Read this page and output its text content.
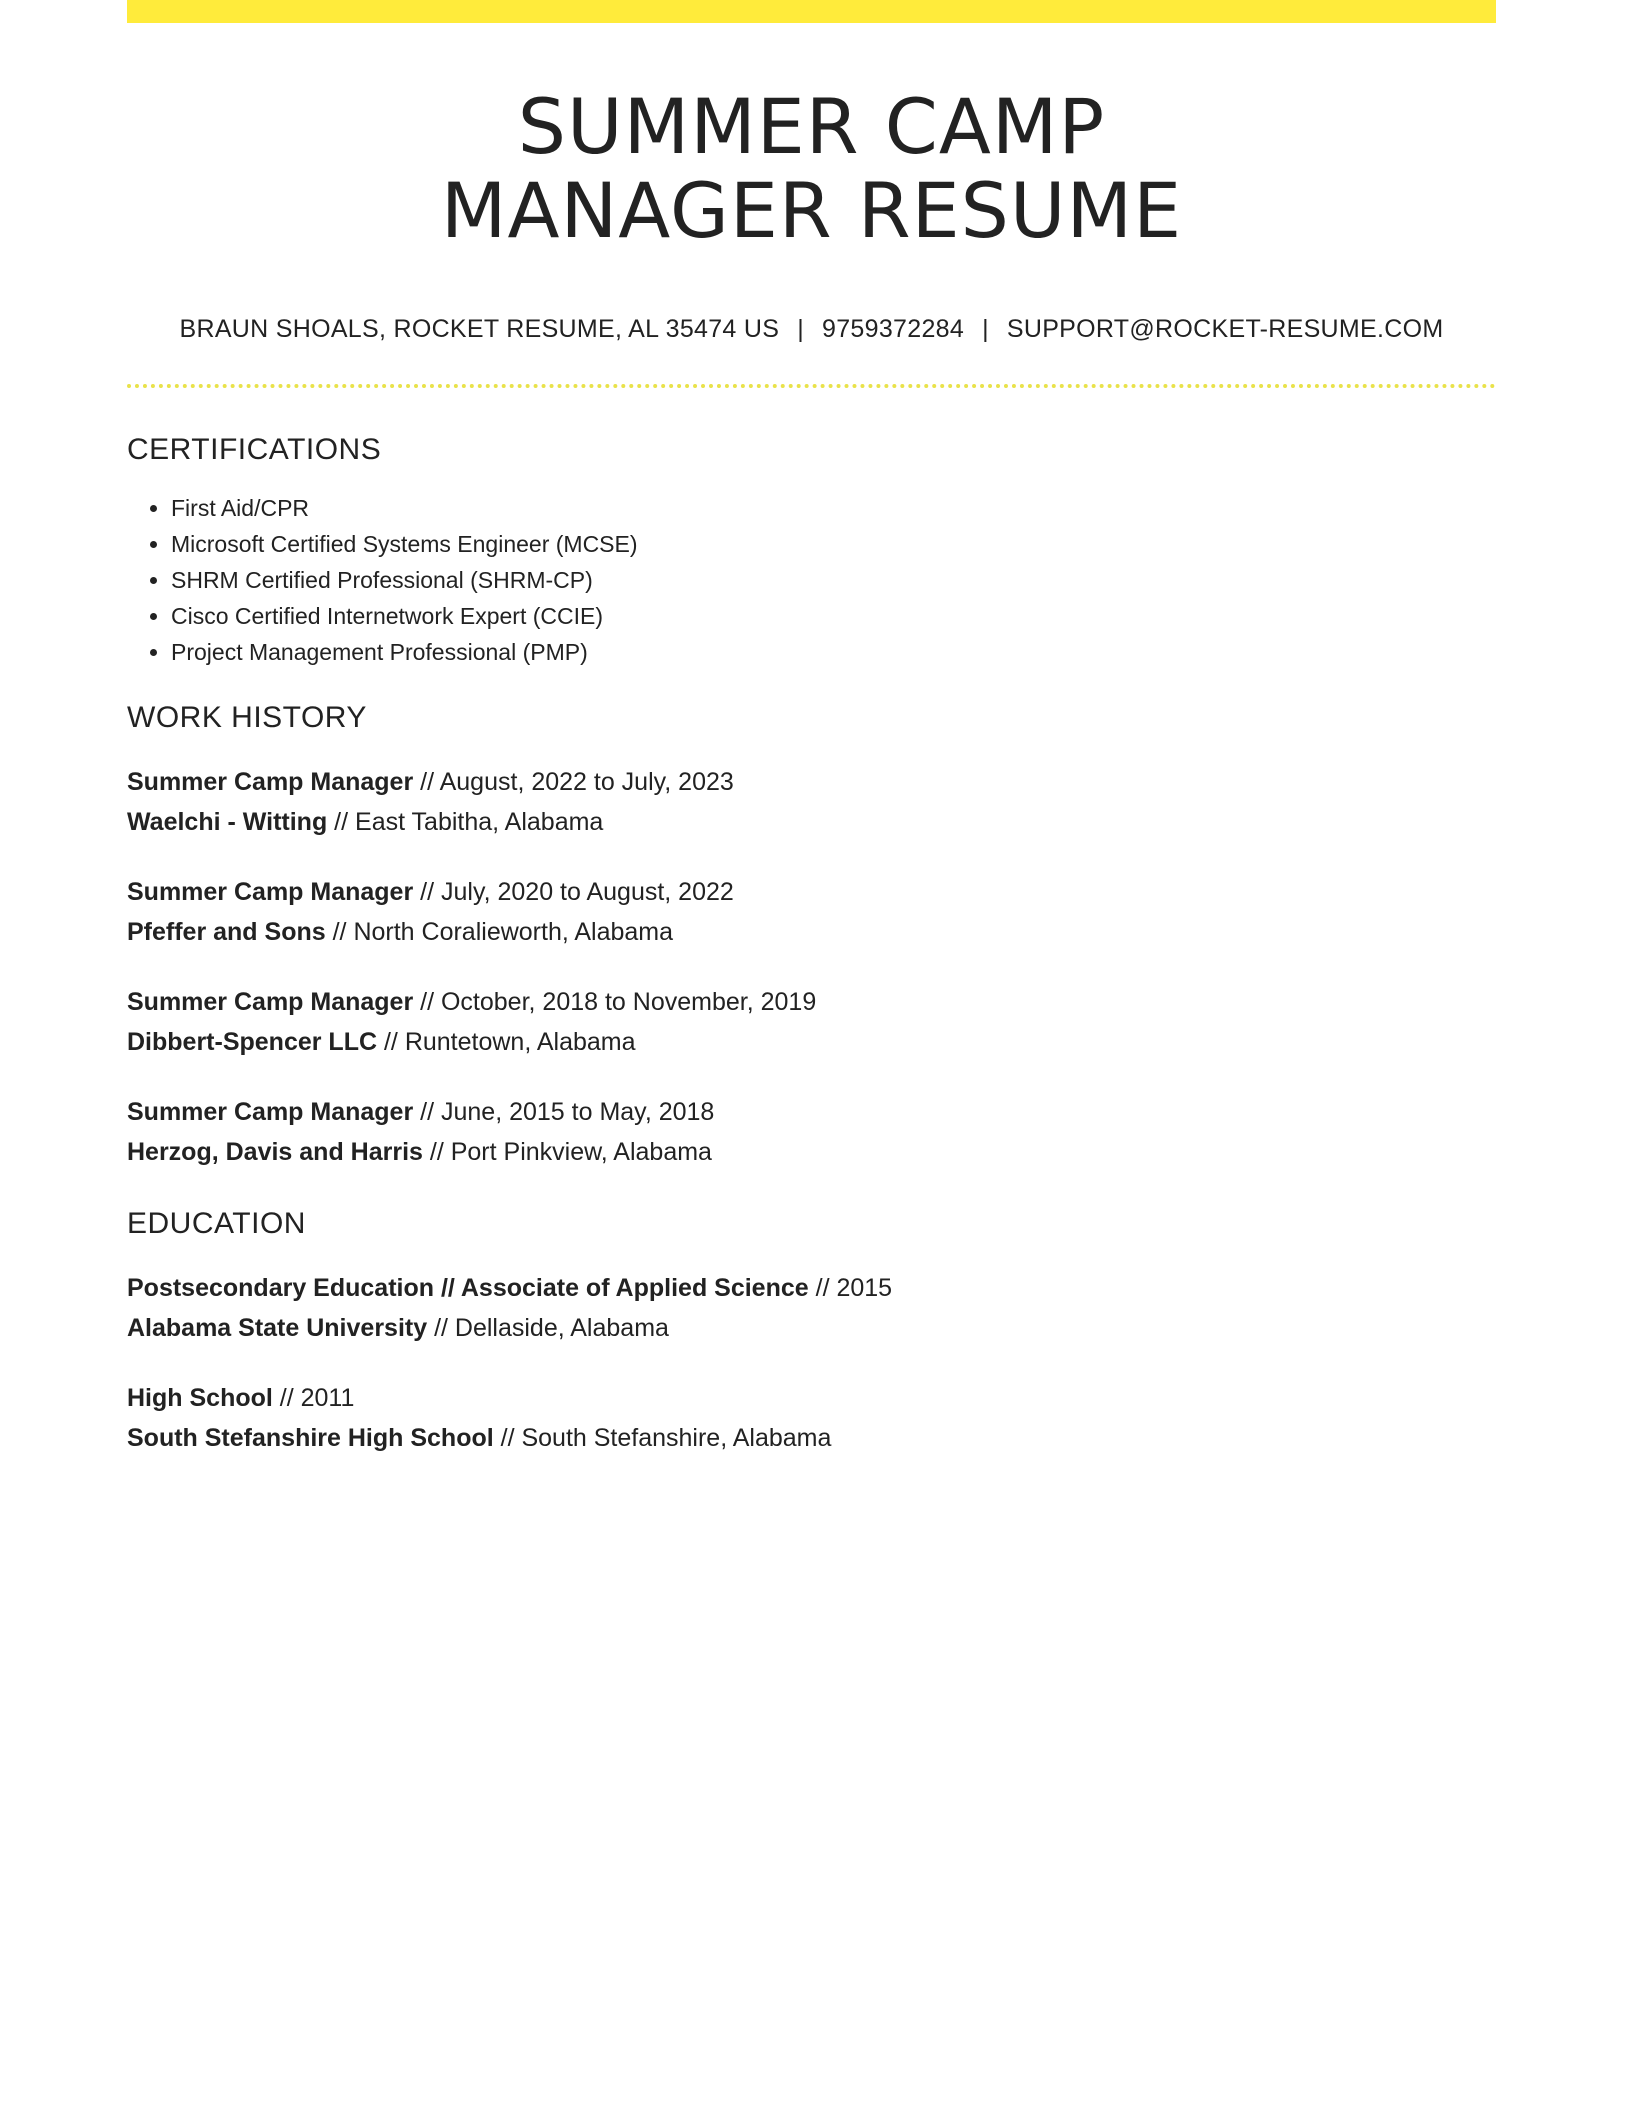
SUMMER CAMP
MANAGER RESUME
BRAUN SHOALS, ROCKET RESUME, AL 35474 US | 9759372284 | SUPPORT@ROCKET-RESUME.COM
CERTIFICATIONS
• First Aid/CPR
• Microsoft Certified Systems Engineer (MCSE)
• SHRM Certified Professional (SHRM-CP)
• Cisco Certified Internetwork Expert (CCIE)
• Project Management Professional (PMP)
WORK HISTORY
Summer Camp Manager // August, 2022 to July, 2023
Waelchi - Witting // East Tabitha, Alabama
Summer Camp Manager // July, 2020 to August, 2022
Pfeffer and Sons // North Coralieworth, Alabama
Summer Camp Manager // October, 2018 to November, 2019
Dibbert-Spencer LLC // Runtetown, Alabama
Summer Camp Manager // June, 2015 to May, 2018
Herzog, Davis and Harris // Port Pinkview, Alabama
EDUCATION
Postsecondary Education // Associate of Applied Science // 2015
Alabama State University // Dellaside, Alabama
High School // 2011
South Stefanshire High School // South Stefanshire, Alabama
